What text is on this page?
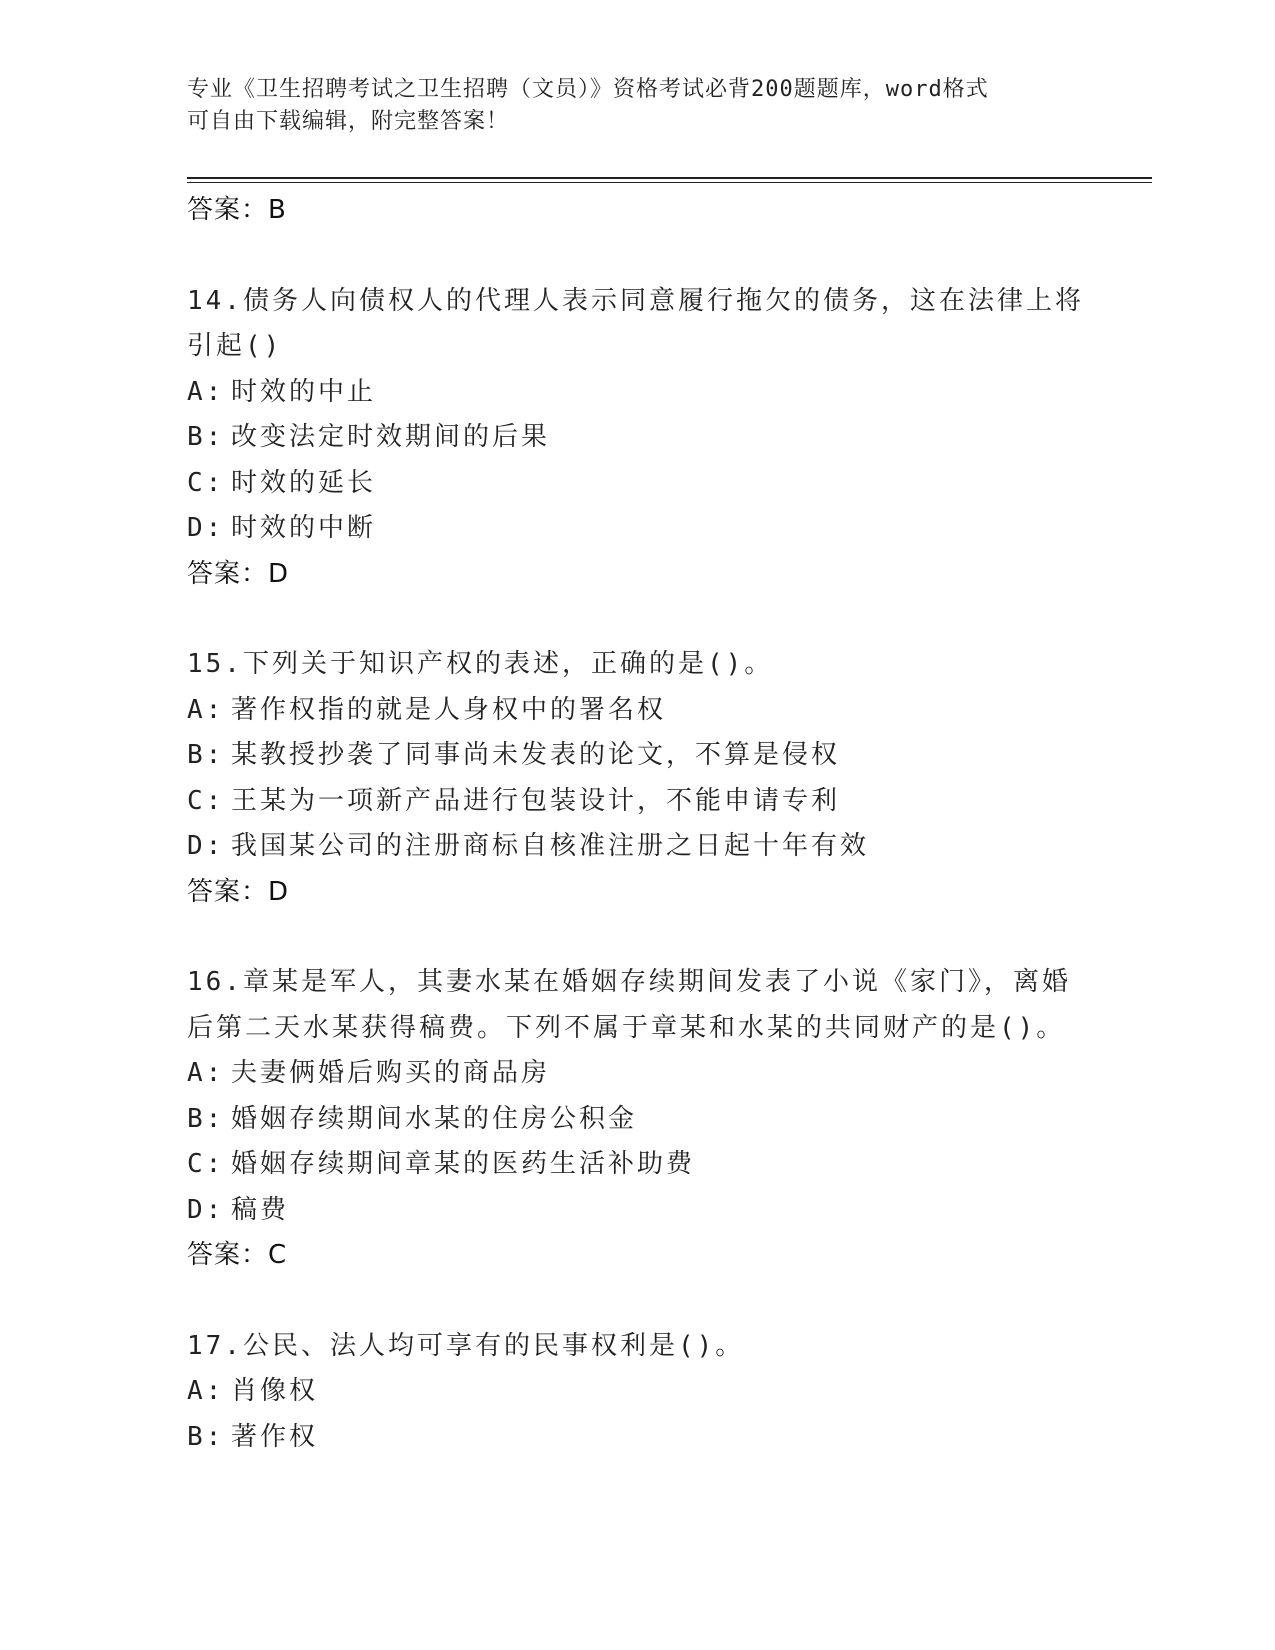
专业《卫生招聘考试之卫生招聘（文员）》资格考试必背200题题库，word格式
可自由下载编辑，附完整答案！
答案：B
14.债务人向债权人的代理人表示同意履行拖欠的债务，这在法律上将
引起()
A: 时效的中止
B: 改变法定时效期间的后果
C: 时效的延长
D: 时效的中断
答案：D
15.下列关于知识产权的表述，正确的是()。
A: 著作权指的就是人身权中的署名权
B: 某教授抄袭了同事尚未发表的论文，不算是侵权
C: 王某为一项新产品进行包装设计，不能申请专利
D: 我国某公司的注册商标自核准注册之日起十年有效
答案：D
16.章某是军人，其妻水某在婚姻存续期间发表了小说《家门》，离婚
后第二天水某获得稿费。下列不属于章某和水某的共同财产的是()。
A: 夫妻俩婚后购买的商品房
B: 婚姻存续期间水某的住房公积金
C: 婚姻存续期间章某的医药生活补助费
D: 稿费
答案：C
17.公民、法人均可享有的民事权利是()。
A: 肖像权
B: 著作权
